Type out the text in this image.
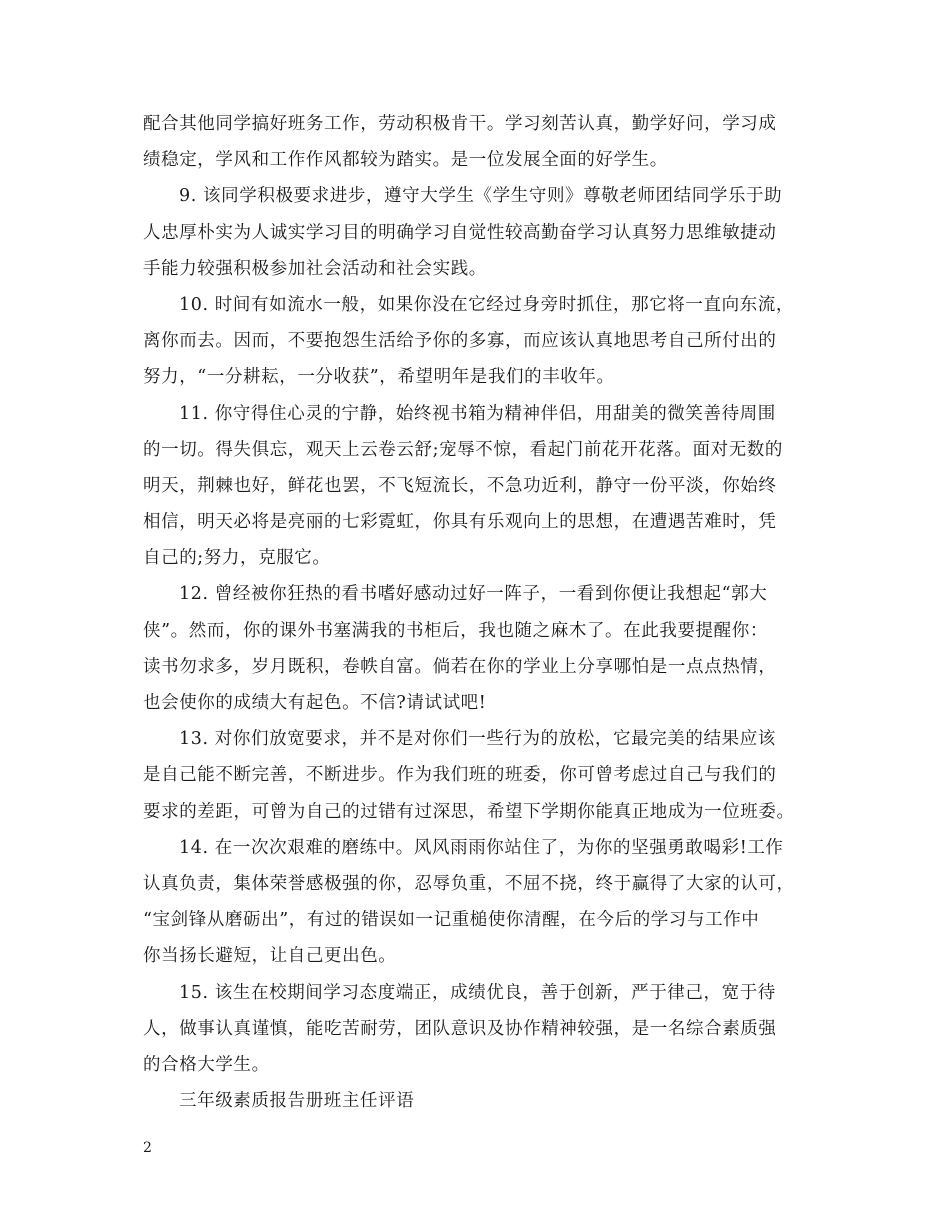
配合其他同学搞好班务工作，劳动积极肯干。学习刻苦认真，勤学好问，学习成
绩稳定，学风和工作作风都较为踏实。是一位发展全面的好学生。
9. 该同学积极要求进步，遵守大学生《学生守则》尊敬老师团结同学乐于助
人忠厚朴实为人诚实学习目的明确学习自觉性较高勤奋学习认真努力思维敏捷动
手能力较强积极参加社会活动和社会实践。
10. 时间有如流水一般，如果你没在它经过身旁时抓住，那它将一直向东流，
离你而去。因而，不要抱怨生活给予你的多寡，而应该认真地思考自己所付出的
努力，“一分耕耘，一分收获”，希望明年是我们的丰收年。
11. 你守得住心灵的宁静，始终视书箱为精神伴侣，用甜美的微笑善待周围
的一切。得失俱忘，观天上云卷云舒;宠辱不惊，看起门前花开花落。面对无数的
明天，荆棘也好，鲜花也罢，不飞短流长，不急功近利，静守一份平淡，你始终
相信，明天必将是亮丽的七彩霓虹，你具有乐观向上的思想，在遭遇苦难时，凭
自己的;努力，克服它。
12. 曾经被你狂热的看书嗜好感动过好一阵子，一看到你便让我想起“郭大
侠”。然而，你的课外书塞满我的书柜后，我也随之麻木了。在此我要提醒你：
读书勿求多，岁月既积，卷帙自富。倘若在你的学业上分享哪怕是一点点热情，
也会使你的成绩大有起色。不信?请试试吧!
13. 对你们放宽要求，并不是对你们一些行为的放松，它最完美的结果应该
是自己能不断完善，不断进步。作为我们班的班委，你可曾考虑过自己与我们的
要求的差距，可曾为自己的过错有过深思，希望下学期你能真正地成为一位班委。
14. 在一次次艰难的磨练中。风风雨雨你站住了，为你的坚强勇敢喝彩!工作
认真负责，集体荣誉感极强的你，忍辱负重，不屈不挠，终于赢得了大家的认可，
“宝剑锋从磨砺出”，有过的错误如一记重槌使你清醒，在今后的学习与工作中
你当扬长避短，让自己更出色。
15. 该生在校期间学习态度端正，成绩优良，善于创新，严于律己，宽于待
人，做事认真谨慎，能吃苦耐劳，团队意识及协作精神较强，是一名综合素质强
的合格大学生。
三年级素质报告册班主任评语
2
